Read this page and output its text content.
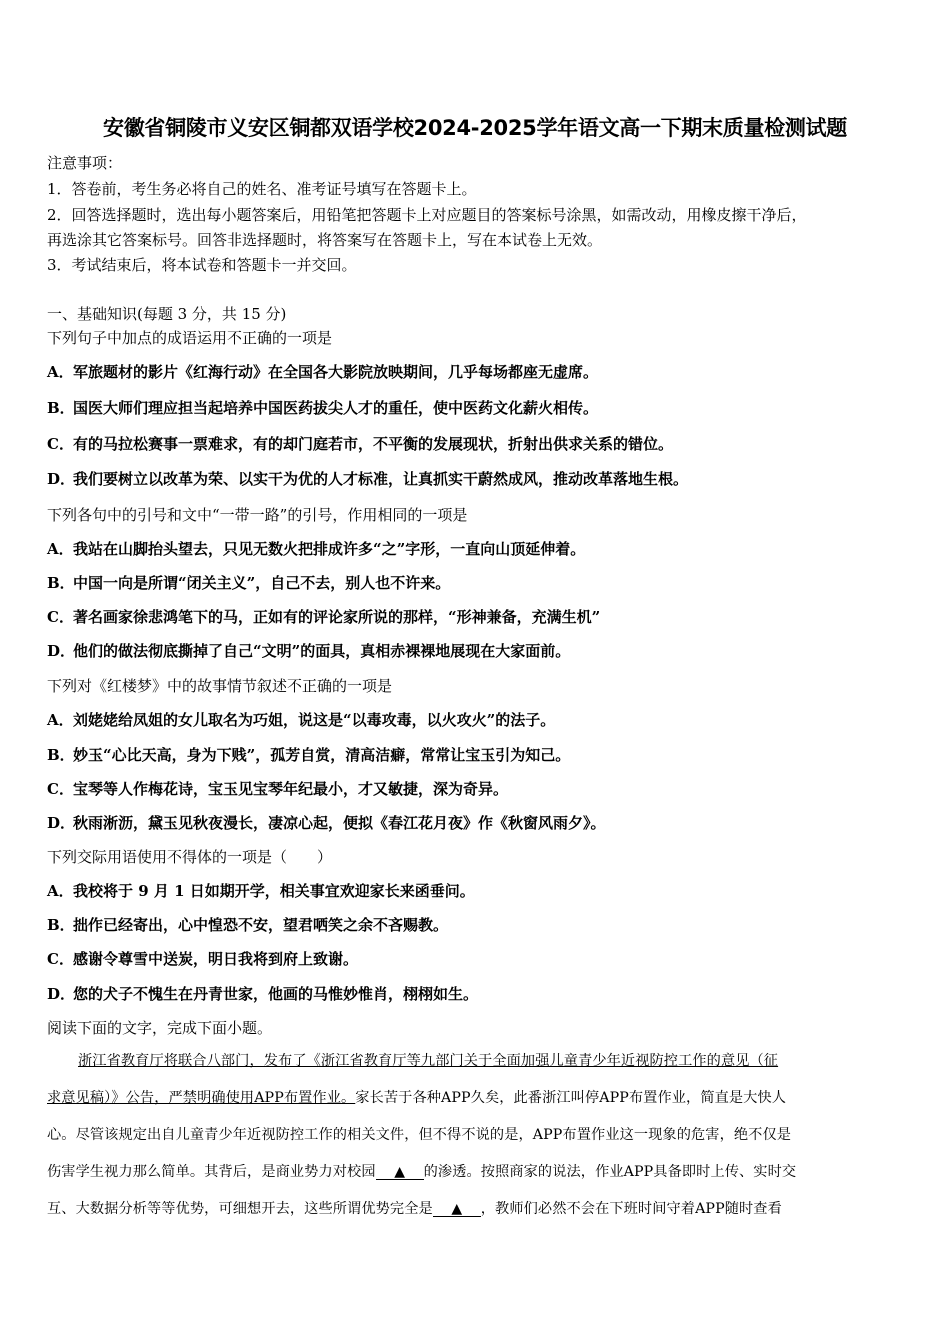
安徽省铜陵市义安区铜都双语学校2024-2025学年语文高一下期末质量检测试题
注意事项：
1．答卷前，考生务必将自己的姓名、准考证号填写在答题卡上。
2．回答选择题时，选出每小题答案后，用铅笔把答题卡上对应题目的答案标号涂黑，如需改动，用橡皮擦干净后，
再选涂其它答案标号。回答非选择题时，将答案写在答题卡上，写在本试卷上无效。
3．考试结束后，将本试卷和答题卡一并交回。
一、基础知识(每题 3 分，共 15 分)
下列句子中加点的成语运用不正确的一项是
A．军旅题材的影片《红海行动》在全国各大影院放映期间，几乎每场都座无虚席。
B．国医大师们理应担当起培养中国医药拔尖人才的重任，使中医药文化薪火相传。
C．有的马拉松赛事一票难求，有的却门庭若市，不平衡的发展现状，折射出供求关系的错位。
D．我们要树立以改革为荣、以实干为优的人才标准，让真抓实干蔚然成风，推动改革落地生根。
下列各句中的引号和文中“一带一路”的引号，作用相同的一项是
A．我站在山脚抬头望去，只见无数火把排成许多“之”字形，一直向山顶延伸着。
B．中国一向是所谓“闭关主义”，自己不去，别人也不许来。
C．著名画家徐悲鸿笔下的马，正如有的评论家所说的那样，“形神兼备，充满生机”
D．他们的做法彻底撕掉了自己“文明”的面具，真相赤裸裸地展现在大家面前。
下列对《红楼梦》中的故事情节叙述不正确的一项是
A．刘姥姥给凤姐的女儿取名为巧姐，说这是“以毒攻毒，以火攻火”的法子。
B．妙玉“心比天高，身为下贱”，孤芳自赏，清高洁癖，常常让宝玉引为知己。
C．宝琴等人作梅花诗，宝玉见宝琴年纪最小，才又敏捷，深为奇异。
D．秋雨淅沥，黛玉见秋夜漫长，凄凉心起，便拟《春江花月夜》作《秋窗风雨夕》。
下列交际用语使用不得体的一项是（　　）
A．我校将于 9 月 1 日如期开学，相关事宜欢迎家长来函垂问。
B．拙作已经寄出，心中惶恐不安，望君哂笑之余不吝赐教。
C．感谢令尊雪中送炭，明日我将到府上致谢。
D．您的犬子不愧生在丹青世家，他画的马惟妙惟肖，栩栩如生。
阅读下面的文字，完成下面小题。
浙江省教育厅将联合八部门，发布了《浙江省教育厅等九部门关于全面加强儿童青少年近视防控工作的意见（征
求意见稿）》公告，严禁明确使用APP布置作业。家长苦于各种APP久矣，此番浙江叫停APP布置作业，简直是大快人
心。尽管该规定出自儿童青少年近视防控工作的相关文件，但不得不说的是，APP布置作业这一现象的危害，绝不仅是
伤害学生视力那么简单。其背后，是商业势力对校园 ▲ 的渗透。按照商家的说法，作业APP具备即时上传、实时交
互、大数据分析等等优势，可细想开去，这些所谓优势完全是 ▲ ，教师们必然不会在下班时间守着APP随时查看
